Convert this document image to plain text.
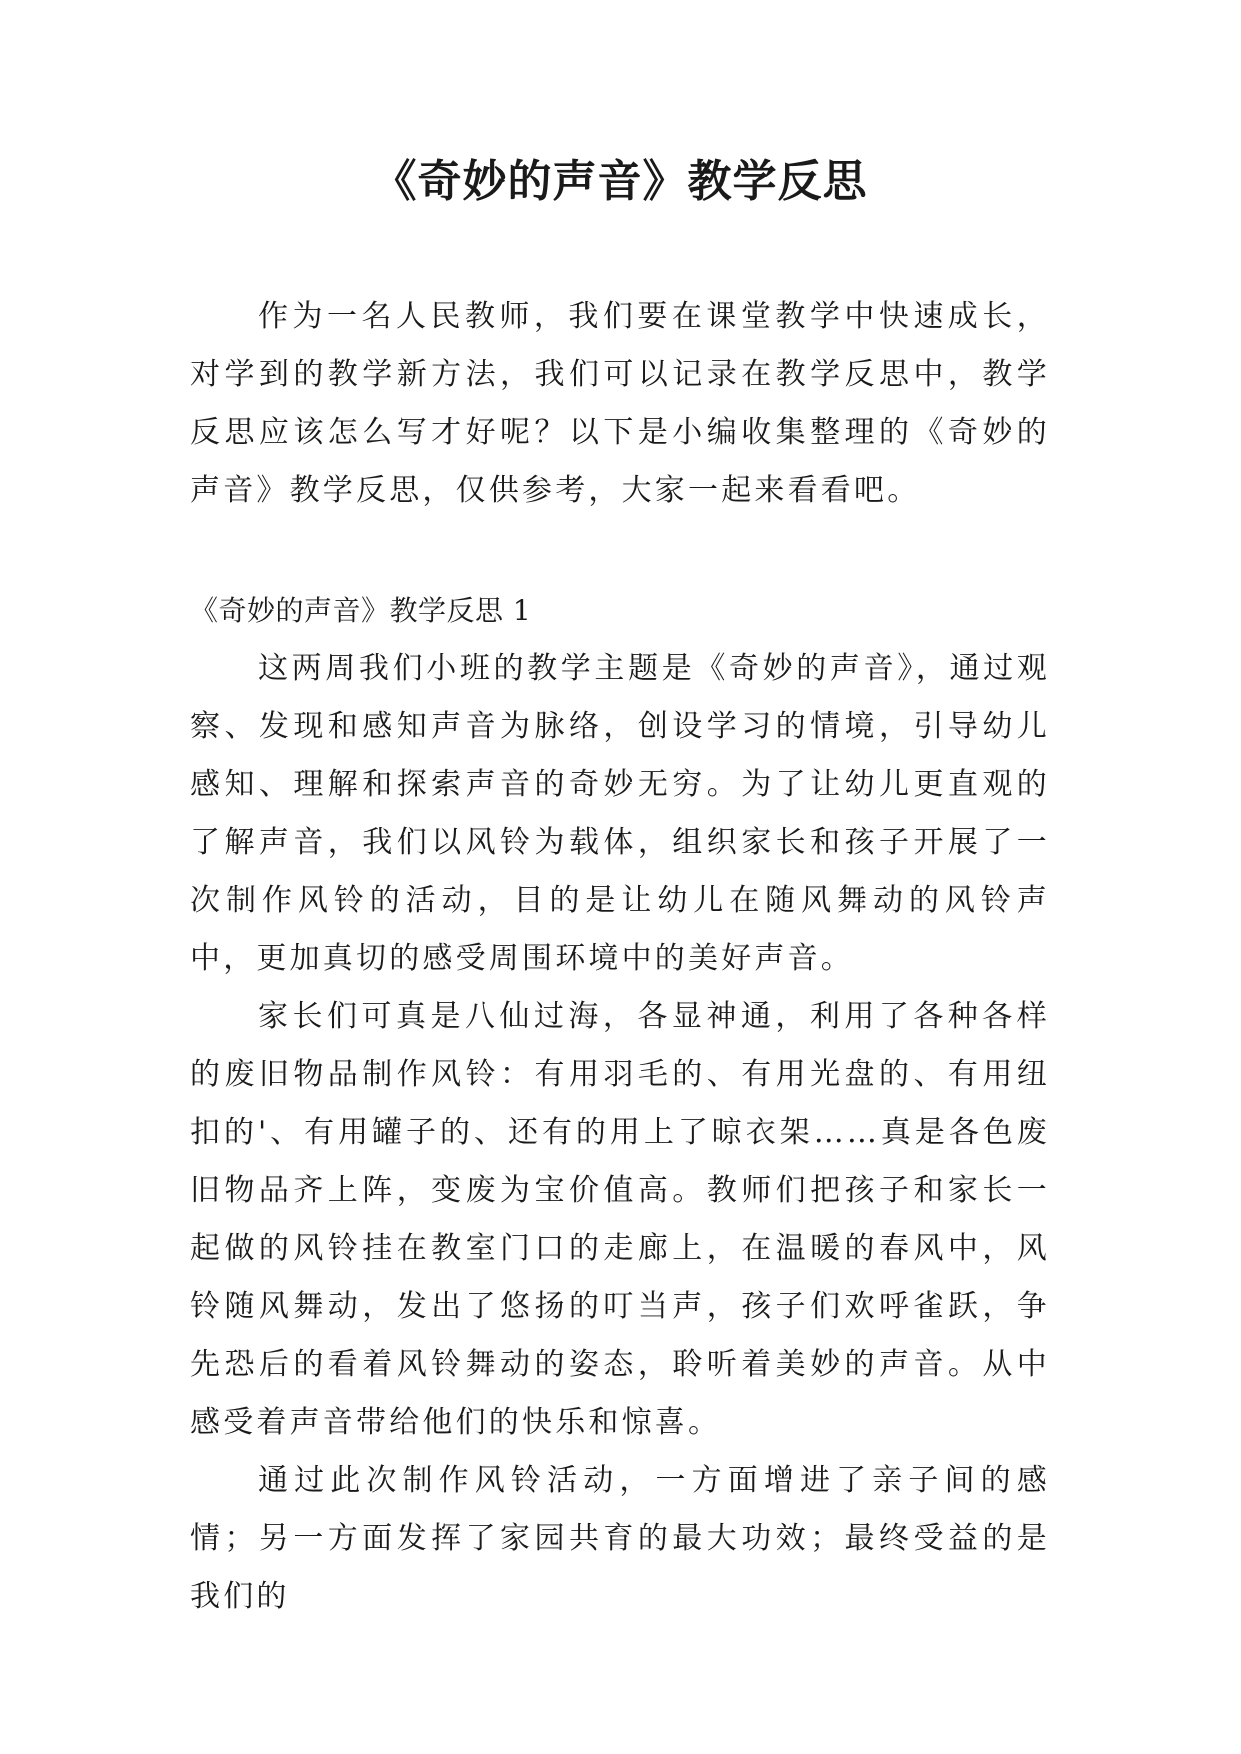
《奇妙的声音》教学反思

作为一名人民教师，我们要在课堂教学中快速成长，对学到的教学新方法，我们可以记录在教学反思中，教学反思应该怎么写才好呢？以下是小编收集整理的《奇妙的声音》教学反思，仅供参考，大家一起来看看吧。

《奇妙的声音》教学反思 1

这两周我们小班的教学主题是《奇妙的声音》，通过观察、发现和感知声音为脉络，创设学习的情境，引导幼儿感知、理解和探索声音的奇妙无穷。为了让幼儿更直观的了解声音，我们以风铃为载体，组织家长和孩子开展了一次制作风铃的活动，目的是让幼儿在随风舞动的风铃声中，更加真切的感受周围环境中的美好声音。

家长们可真是八仙过海，各显神通，利用了各种各样的废旧物品制作风铃：有用羽毛的、有用光盘的、有用纽扣的'、有用罐子的、还有的用上了晾衣架……真是各色废旧物品齐上阵，变废为宝价值高。教师们把孩子和家长一起做的风铃挂在教室门口的走廊上，在温暖的春风中，风铃随风舞动，发出了悠扬的叮当声，孩子们欢呼雀跃，争先恐后的看着风铃舞动的姿态，聆听着美妙的声音。从中感受着声音带给他们的快乐和惊喜。

通过此次制作风铃活动，一方面增进了亲子间的感情；另一方面发挥了家园共育的最大功效；最终受益的是我们的
